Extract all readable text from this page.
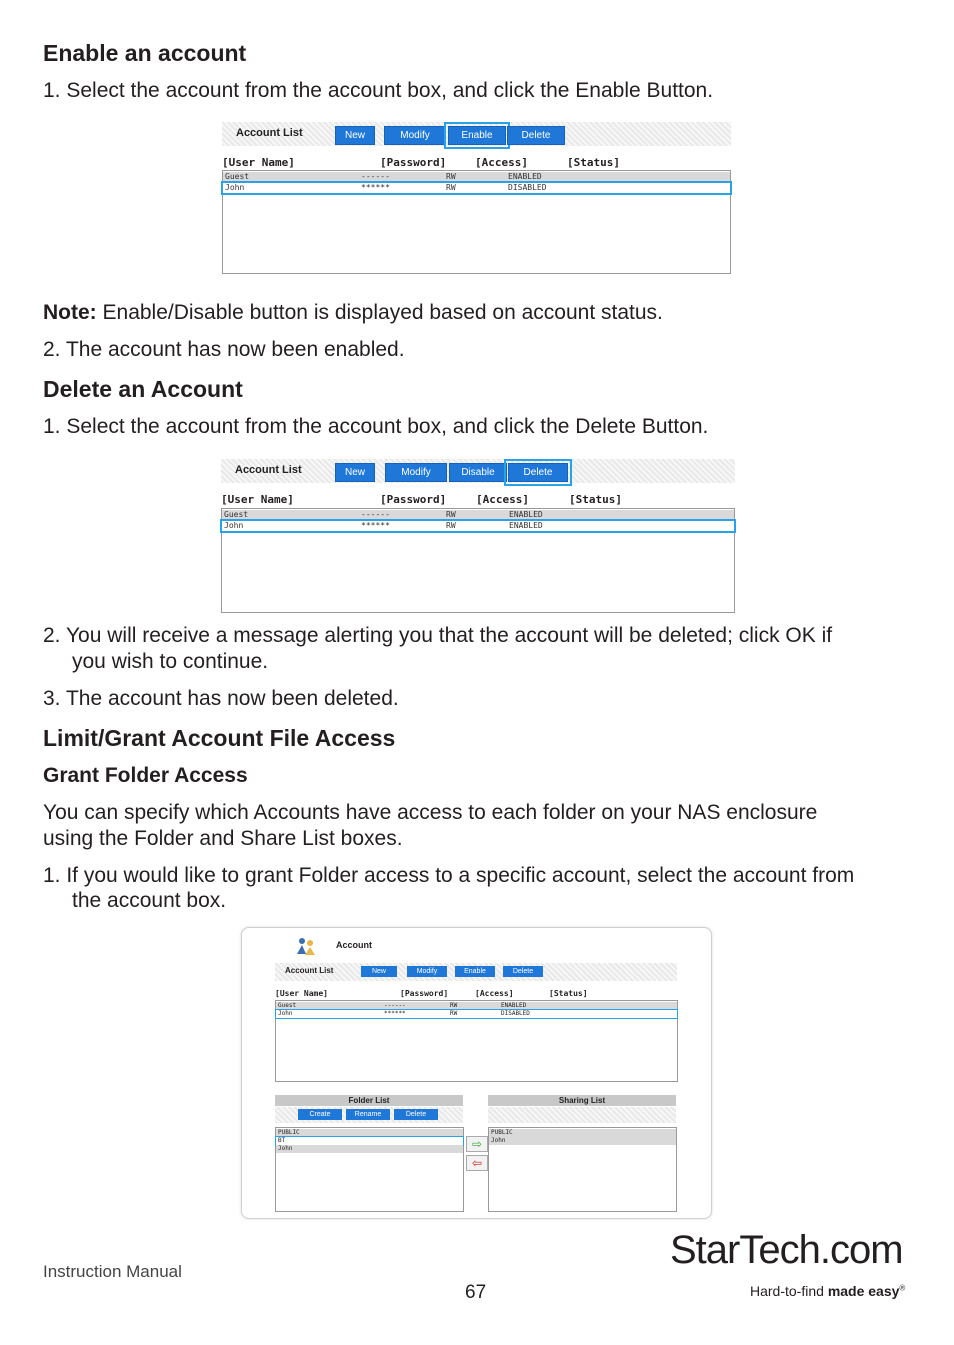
Enable an account
1. Select the account from the account box, and click the Enable Button.
Account List	New	Modify	Enable	Delete
[User Name]	[Password]	[Access]	[Status]
Guest	------	RW	ENABLED
John	******	RW	DISABLED
Note: Enable/Disable button is displayed based on account status.
2. The account has now been enabled.
Delete an Account
1. Select the account from the account box, and click the Delete Button.
Account List	New	Modify	Disable	Delete
[User Name]	[Password]	[Access]	[Status]
Guest	------	RW	ENABLED
John	******	RW	ENABLED
2. You will receive a message alerting you that the account will be deleted; click OK if
you wish to continue.
3. The account has now been deleted.
Limit/Grant Account File Access
Grant Folder Access
You can specify which Accounts have access to each folder on your NAS enclosure
using the Folder and Share List boxes.
1. If you would like to grant Folder access to a specific account, select the account from
the account box.
Account
Account List	New	Modify	Enable	Delete
[User Name]	[Password]	[Access]	[Status]
Guest	------	RW	ENABLED
John	******	RW	DISABLED
Folder List
Create	Rename	Delete
PUBLIC
BT
John	⇨
⇦
Sharing List
PUBLIC
John
Instruction Manual
67
StarTech.com
Hard-to-find made easy®
